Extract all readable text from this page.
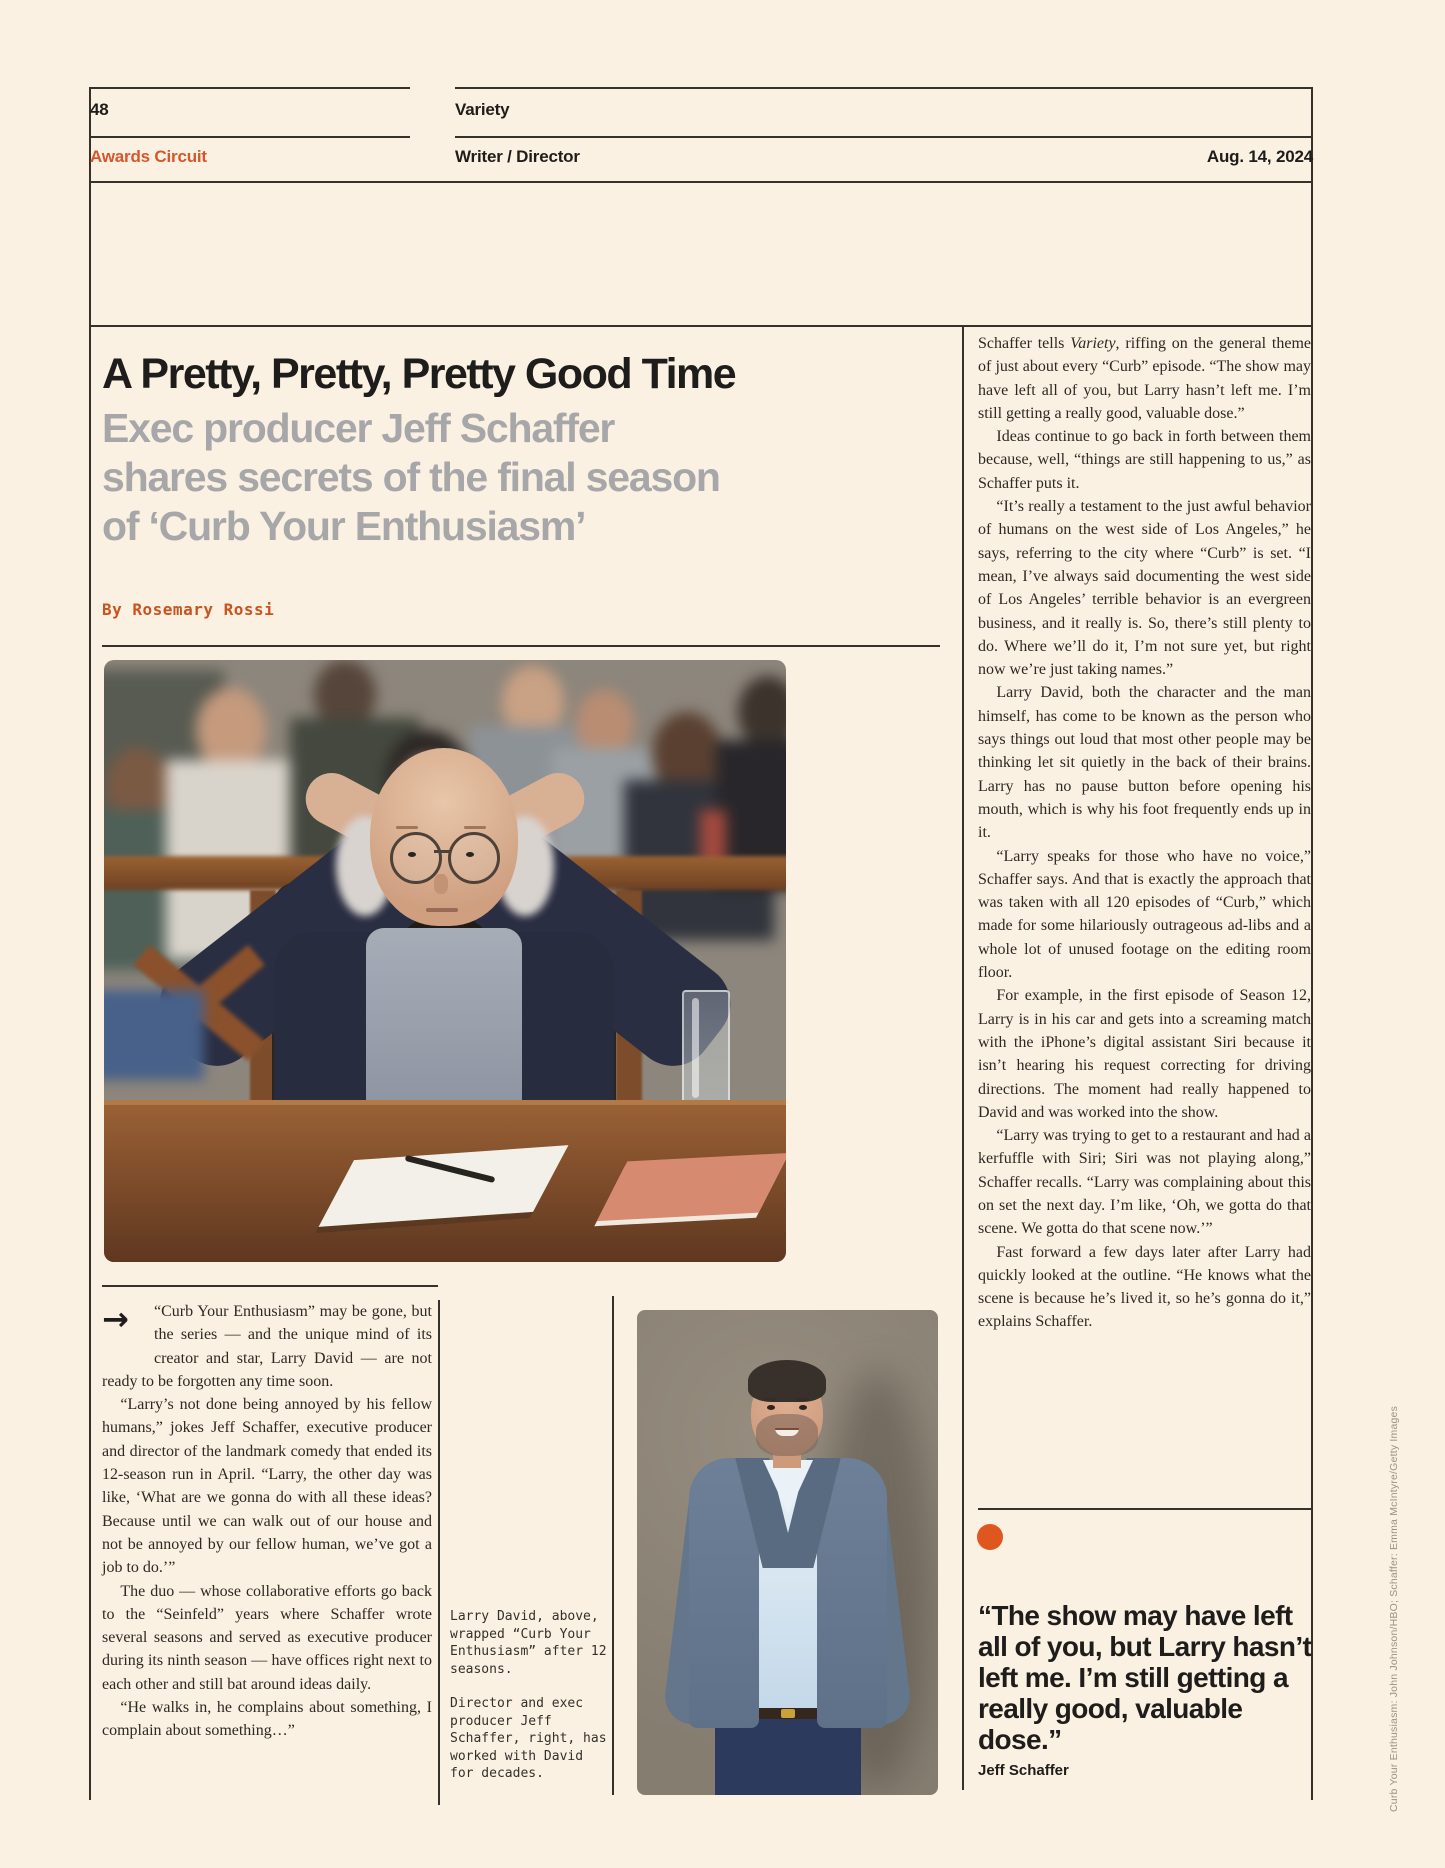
48	Variety
Awards Circuit	Writer / Director	Aug. 14, 2024
A Pretty, Pretty, Pretty Good Time
Exec producer Jeff Schaffer
shares secrets of the final season
of ‘Curb Your Enthusiasm’
By Rosemary Rossi

→	“Curb Your Enthusiasm” may be gone, but the series — and the unique mind of its creator and star, Larry David — are not ready to be forgotten any time soon.

“Larry’s not done being annoyed by his fellow humans,” jokes Jeff Schaffer, executive producer and director of the landmark comedy that ended its 12-season run in April. “Larry, the other day was like, ‘What are we gonna do with all these ideas? Because until we can walk out of our house and not be annoyed by our fellow human, we’ve got a job to do.’”

The duo — whose collaborative efforts go back to the “Seinfeld” years where Schaffer wrote several seasons and served as executive producer during its ninth season — have offices right next to each other and still bat around ideas daily.

“He walks in, he complains about something, I complain about something…”

Larry David, above, wrapped “Curb Your Enthusiasm” after 12 seasons.

Director and exec producer Jeff Schaffer, right, has worked with David for decades.

Schaffer tells Variety, riffing on the general theme of just about every “Curb” episode. “The show may have left all of you, but Larry hasn’t left me. I’m still getting a really good, valuable dose.”

Ideas continue to go back in forth between them because, well, “things are still happening to us,” as Schaffer puts it.

“It’s really a testament to the just awful behavior of humans on the west side of Los Angeles,” he says, referring to the city where “Curb” is set. “I mean, I’ve always said documenting the west side of Los Angeles’ terrible behavior is an evergreen business, and it really is. So, there’s still plenty to do. Where we’ll do it, I’m not sure yet, but right now we’re just taking names.”

Larry David, both the character and the man himself, has come to be known as the person who says things out loud that most other people may be thinking let sit quietly in the back of their brains. Larry has no pause button before opening his mouth, which is why his foot frequently ends up in it.

“Larry speaks for those who have no voice,” Schaffer says. And that is exactly the approach that was taken with all 120 episodes of “Curb,” which made for some hilariously outrageous ad-libs and a whole lot of unused footage on the editing room floor.

For example, in the first episode of Season 12, Larry is in his car and gets into a screaming match with the iPhone’s digital assistant Siri because it isn’t hearing his request correcting for driving directions. The moment had really happened to David and was worked into the show.

“Larry was trying to get to a restaurant and had a kerfuffle with Siri; Siri was not playing along,” Schaffer recalls. “Larry was complaining about this on set the next day. I’m like, ‘Oh, we gotta do that scene. We gotta do that scene now.’”

Fast forward a few days later after Larry had quickly looked at the outline. “He knows what the scene is because he’s lived it, so he’s gonna do it,” explains Schaffer.

“The show may have left all of you, but Larry hasn’t left me. I’m still getting a really good, valuable dose.”
Jeff Schaffer	Curb Your Enthusiasm: John Johnson/HBO; Schaffer: Emma McIntyre/Getty Images
